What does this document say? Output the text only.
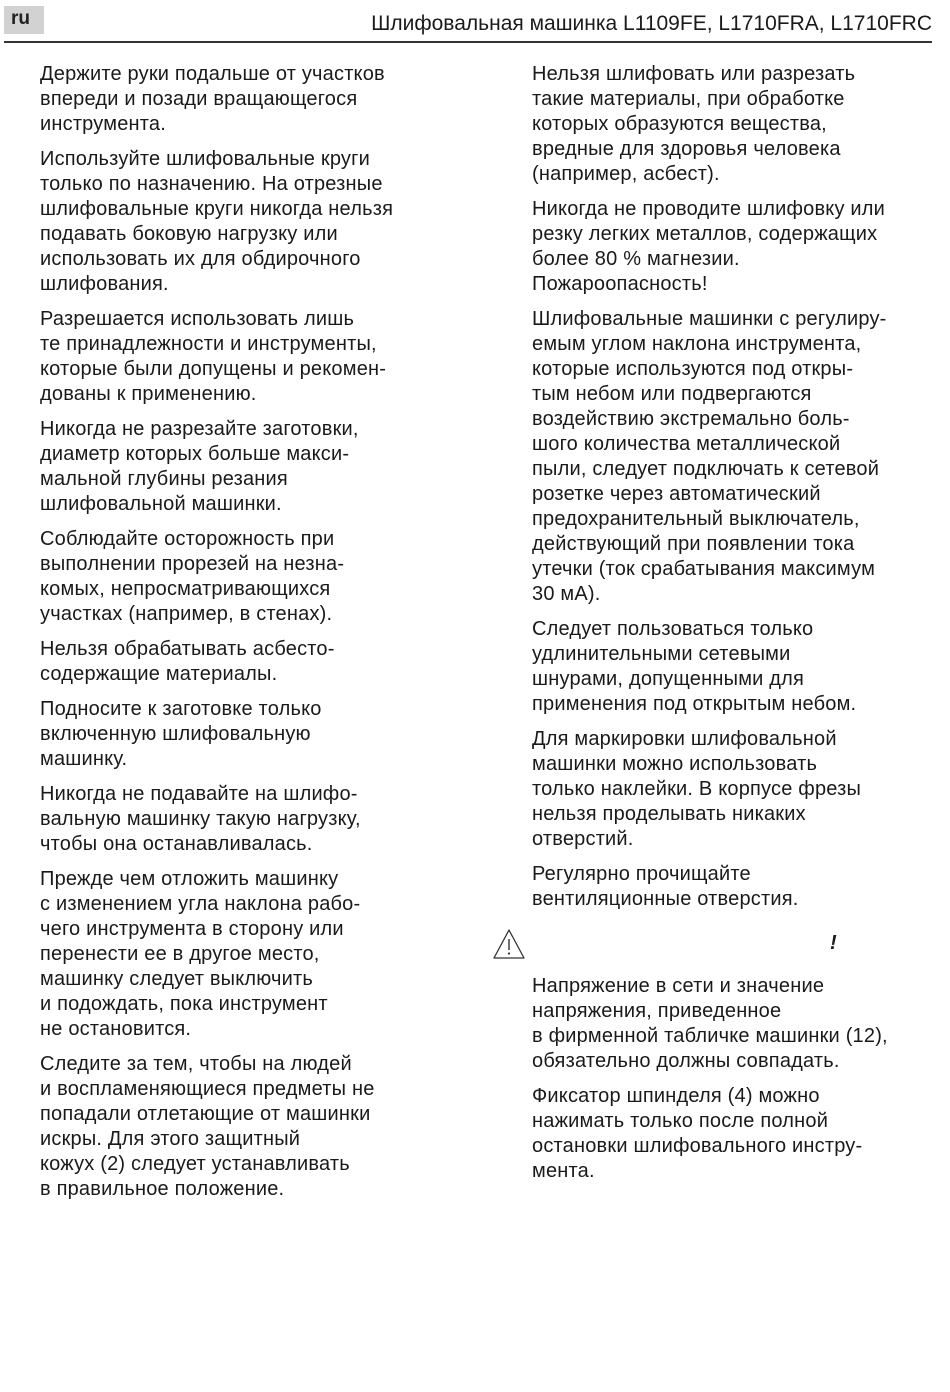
ru	Шлифовальная машинка L1109FE, L1710FRA, L1710FRC

Держите руки подальше от участков
впереди и позади вращающегося
инструмента.

Используйте шлифовальные круги
только по назначению. На отрезные
шлифовальные круги никогда нельзя
подавать боковую нагрузку или
использовать их для обдирочного
шлифования.

Разрешается использовать лишь
те принадлежности и инструменты,
которые были допущены и рекомен-
дованы к применению.

Никогда не разрезайте заготовки,
диаметр которых больше макси-
мальной глубины резания
шлифовальной машинки.

Соблюдайте осторожность при
выполнении прорезей на незна-
комых, непросматривающихся
участках (например, в стенах).

Нельзя обрабатывать асбесто-
содержащие материалы.

Подносите к заготовке только
включенную шлифовальную
машинку.

Никогда не подавайте на шлифо-
вальную машинку такую нагрузку,
чтобы она останавливалась.

Прежде чем отложить машинку
с изменением угла наклона рабо-
чего инструмента в сторону или
перенести ее в другое место,
машинку следует выключить
и подождать, пока инструмент
не остановится.

Следите за тем, чтобы на людей
и воспламеняющиеся предметы не
попадали отлетающие от машинки
искры. Для этого защитный
кожух (2) следует устанавливать
в правильное положение.

Нельзя шлифовать или разрезать
такие материалы, при обработке
которых образуются вещества,
вредные для здоровья человека
(например, асбест).

Никогда не проводите шлифовку или
резку легких металлов, содержащих
более 80 % магнезии.
Пожароопасность!

Шлифовальные машинки с регулиру-
емым углом наклона инструмента,
которые используются под откры-
тым небом или подвергаются
воздействию экстремально боль-
шого количества металлической
пыли, следует подключать к сетевой
розетке через автоматический
предохранительный выключатель,
действующий при появлении тока
утечки (ток срабатывания максимум
30 мА).

Следует пользоваться только
удлинительными сетевыми
шнурами, допущенными для
применения под открытым небом.

Для маркировки шлифовальной
машинки можно использовать
только наклейки. В корпусе фрезы
нельзя проделывать никаких
отверстий.

Регулярно прочищайте
вентиляционные отверстия.

!

Напряжение в сети и значение
напряжения, приведенное
в фирменной табличке машинки (12),
обязательно должны совпадать.

Фиксатор шпинделя (4) можно
нажимать только после полной
остановки шлифовального инстру-
мента.
